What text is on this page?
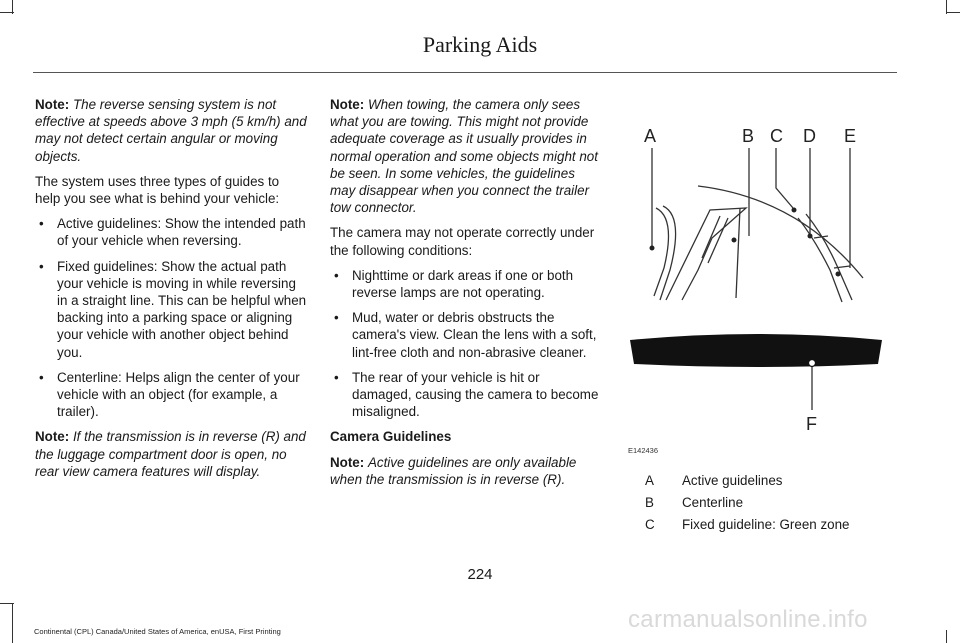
Parking Aids

Note: The reverse sensing system is not effective at speeds above 3 mph (5 km/h) and may not detect certain angular or moving objects.

The system uses three types of guides to help you see what is behind your vehicle:

• Active guidelines: Show the intended path of your vehicle when reversing.
• Fixed guidelines: Show the actual path your vehicle is moving in while reversing in a straight line. This can be helpful when backing into a parking space or aligning your vehicle with another object behind you.
• Centerline: Helps align the center of your vehicle with an object (for example, a trailer).

Note: If the transmission is in reverse (R) and the luggage compartment door is open, no rear view camera features will display.

Note: When towing, the camera only sees what you are towing. This might not provide adequate coverage as it usually provides in normal operation and some objects might not be seen. In some vehicles, the guidelines may disappear when you connect the trailer tow connector.

The camera may not operate correctly under the following conditions:

• Nighttime or dark areas if one or both reverse lamps are not operating.
• Mud, water or debris obstructs the camera's view. Clean the lens with a soft, lint-free cloth and non-abrasive cleaner.
• The rear of your vehicle is hit or damaged, causing the camera to become misaligned.

Camera Guidelines

Note: Active guidelines are only available when the transmission is in reverse (R).

A	B C D E
F
E142436
A	Active guidelines
B	Centerline
C	Fixed guideline: Green zone
224
Continental (CPL) Canada/United States of America, enUSA, First Printing	carmanualsonline.info
